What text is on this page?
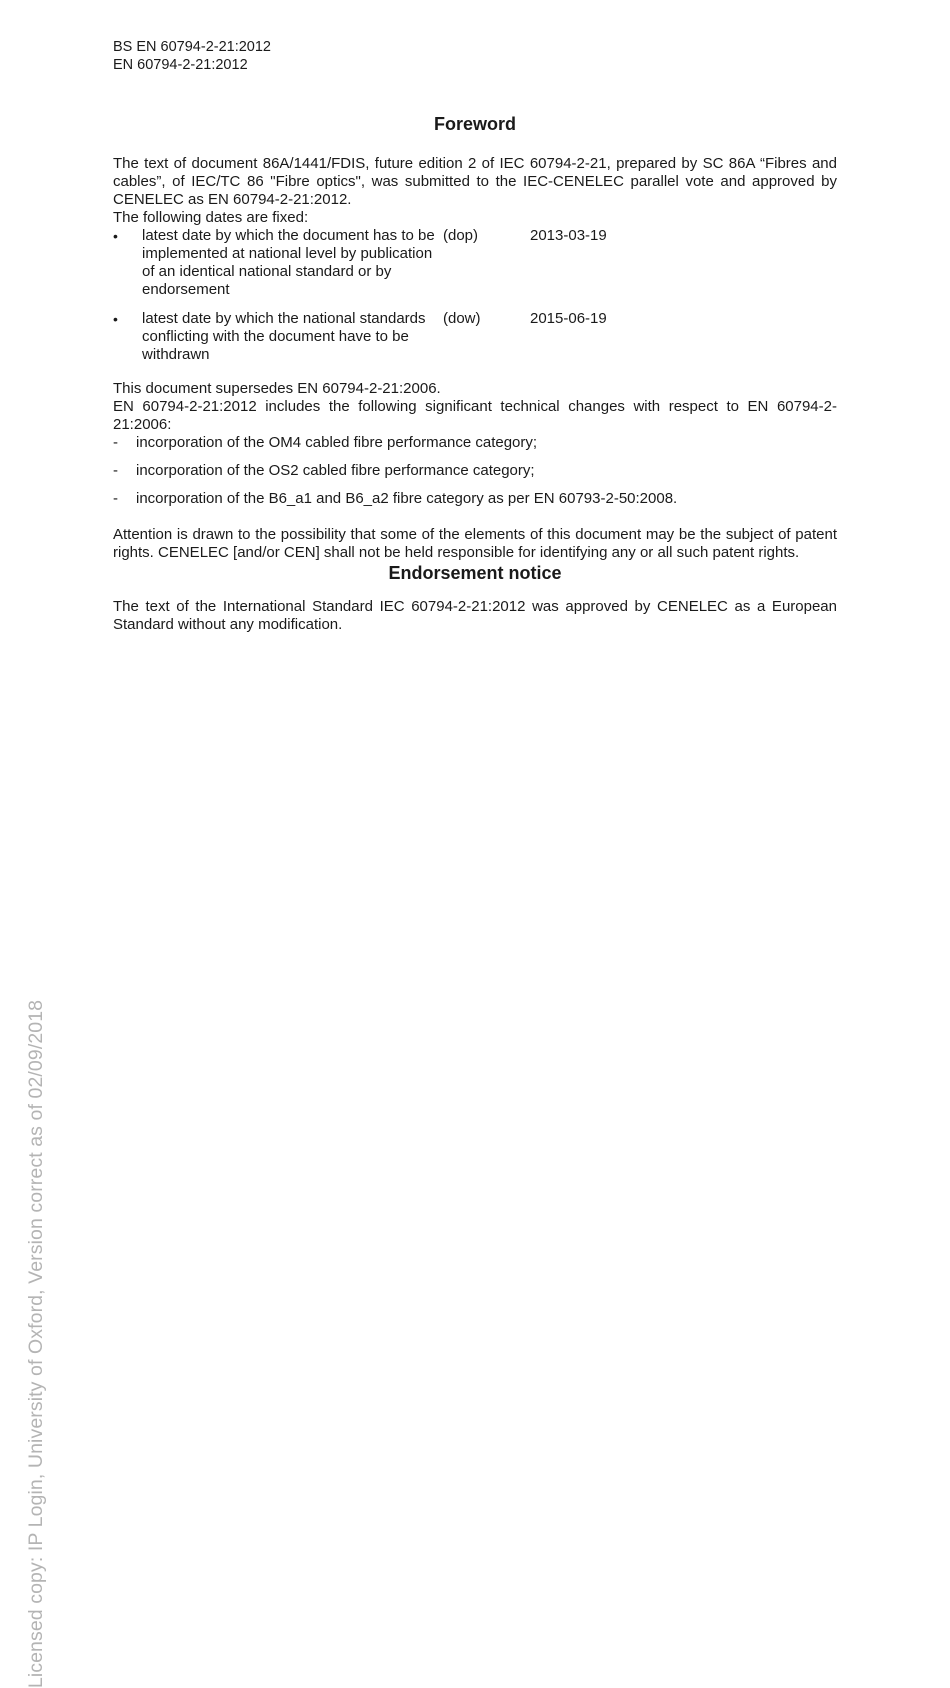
BS EN 60794-2-21:2012
EN 60794-2-21:2012
Licensed copy: IP Login, University of Oxford, Version correct as of 02/09/2018
Foreword

The text of document 86A/1441/FDIS, future edition 2 of IEC 60794-2-21, prepared by SC 86A “Fibres and cables”, of IEC/TC 86 "Fibre optics", was submitted to the IEC-CENELEC parallel vote and approved by CENELEC as EN 60794-2-21:2012.

The following dates are fixed:

•	latest date by which the document has to be implemented at national level by publication of an identical national standard or by endorsement
(dop)	2013-03-19
•	latest date by which the national standards conflicting with the document have to be withdrawn
(dow)	2015-06-19

This document supersedes EN 60794-2-21:2006.

EN 60794-2-21:2012 includes the following significant technical changes with respect to EN 60794-2-21:2006:

-	incorporation of the OM4 cabled fibre performance category;
-	incorporation of the OS2 cabled fibre performance category;
-	incorporation of the B6_a1 and B6_a2 fibre category as per EN 60793-2-50:2008.

Attention is drawn to the possibility that some of the elements of this document may be the subject of patent rights. CENELEC [and/or CEN] shall not be held responsible for identifying any or all such patent rights.

Endorsement notice

The text of the International Standard IEC 60794-2-21:2012 was approved by CENELEC as a European Standard without any modification.
